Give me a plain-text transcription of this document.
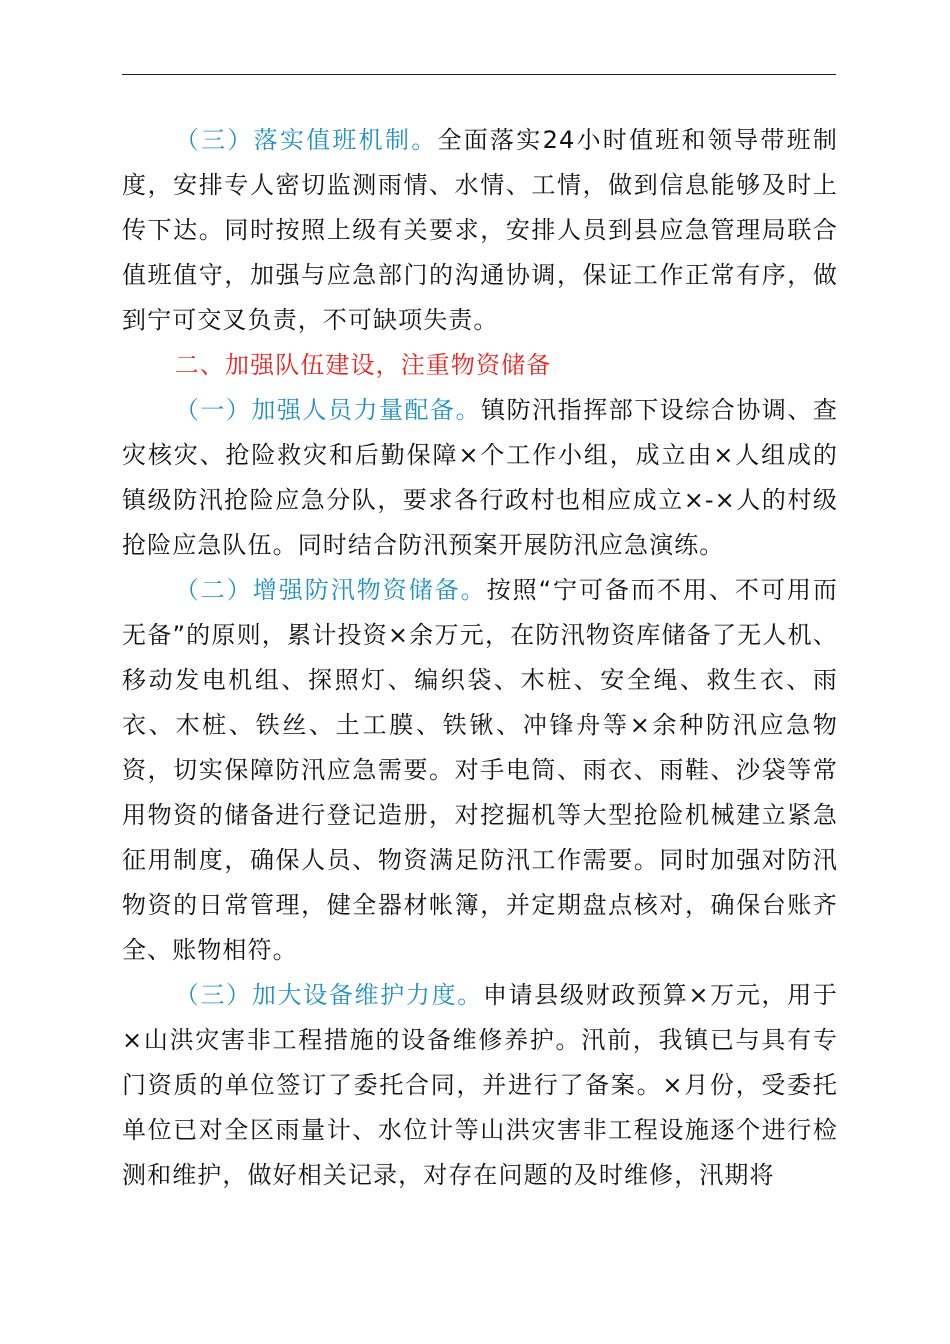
（三）落实值班机制。全面落实24小时值班和领导带班制度，安排专人密切监测雨情、水情、工情，做到信息能够及时上传下达。同时按照上级有关要求，安排人员到县应急管理局联合值班值守，加强与应急部门的沟通协调，保证工作正常有序，做到宁可交叉负责，不可缺项失责。

二、加强队伍建设，注重物资储备

（一）加强人员力量配备。镇防汛指挥部下设综合协调、查灾核灾、抢险救灾和后勤保障×个工作小组，成立由×人组成的镇级防汛抢险应急分队，要求各行政村也相应成立×-×人的村级抢险应急队伍。同时结合防汛预案开展防汛应急演练。

（二）增强防汛物资储备。按照“宁可备而不用、不可用而无备”的原则，累计投资×余万元，在防汛物资库储备了无人机、移动发电机组、探照灯、编织袋、木桩、安全绳、救生衣、雨衣、木桩、铁丝、土工膜、铁锹、冲锋舟等×余种防汛应急物资，切实保障防汛应急需要。对手电筒、雨衣、雨鞋、沙袋等常用物资的储备进行登记造册，对挖掘机等大型抢险机械建立紧急征用制度，确保人员、物资满足防汛工作需要。同时加强对防汛物资的日常管理，健全器材帐簿，并定期盘点核对，确保台账齐全、账物相符。

（三）加大设备维护力度。申请县级财政预算×万元，用于×山洪灾害非工程措施的设备维修养护。汛前，我镇已与具有专门资质的单位签订了委托合同，并进行了备案。×月份，受委托单位已对全区雨量计、水位计等山洪灾害非工程设施逐个进行检测和维护，做好相关记录，对存在问题的及时维修，汛期将
